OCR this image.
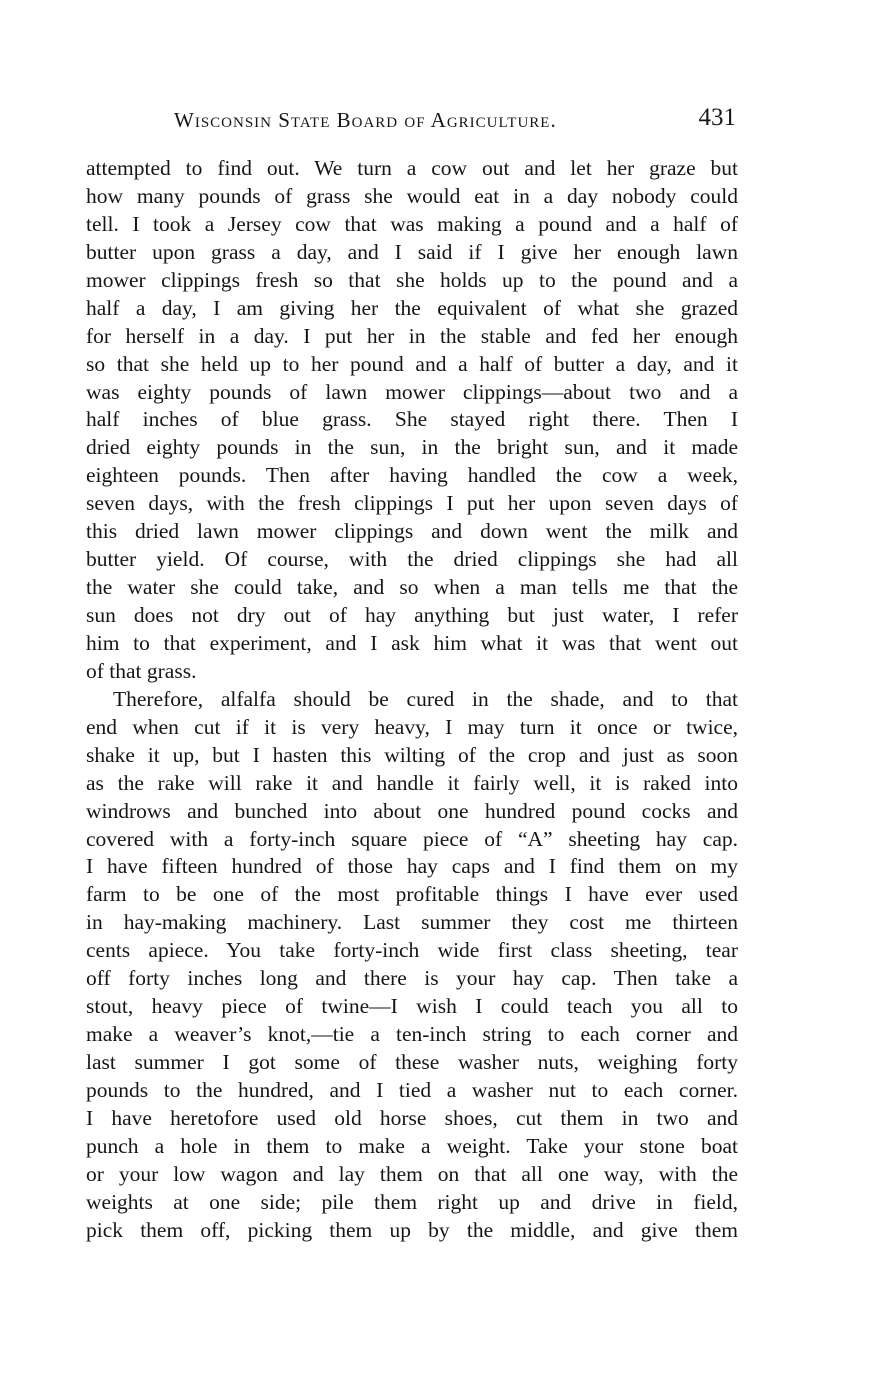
Wisconsin State Board of Agriculture.	431
attempted to find out. We turn a cow out and let her graze but
how many pounds of grass she would eat in a day nobody could
tell. I took a Jersey cow that was making a pound and a half of
butter upon grass a day, and I said if I give her enough lawn
mower clippings fresh so that she holds up to the pound and a
half a day, I am giving her the equivalent of what she grazed
for herself in a day. I put her in the stable and fed her enough
so that she held up to her pound and a half of butter a day, and it
was eighty pounds of lawn mower clippings—about two and a
half inches of blue grass. She stayed right there. Then I
dried eighty pounds in the sun, in the bright sun, and it made
eighteen pounds. Then after having handled the cow a week,
seven days, with the fresh clippings I put her upon seven days of
this dried lawn mower clippings and down went the milk and
butter yield. Of course, with the dried clippings she had all
the water she could take, and so when a man tells me that the
sun does not dry out of hay anything but just water, I refer
him to that experiment, and I ask him what it was that went out
of that grass.
Therefore, alfalfa should be cured in the shade, and to that
end when cut if it is very heavy, I may turn it once or twice,
shake it up, but I hasten this wilting of the crop and just as soon
as the rake will rake it and handle it fairly well, it is raked into
windrows and bunched into about one hundred pound cocks and
covered with a forty-inch square piece of “A” sheeting hay cap.
I have fifteen hundred of those hay caps and I find them on my
farm to be one of the most profitable things I have ever used
in hay-making machinery. Last summer they cost me thirteen
cents apiece. You take forty-inch wide first class sheeting, tear
off forty inches long and there is your hay cap. Then take a
stout, heavy piece of twine—I wish I could teach you all to
make a weaver’s knot,—tie a ten-inch string to each corner and
last summer I got some of these washer nuts, weighing forty
pounds to the hundred, and I tied a washer nut to each corner.
I have heretofore used old horse shoes, cut them in two and
punch a hole in them to make a weight. Take your stone boat
or your low wagon and lay them on that all one way, with the
weights at one side; pile them right up and drive in field,
pick them off, picking them up by the middle, and give them
